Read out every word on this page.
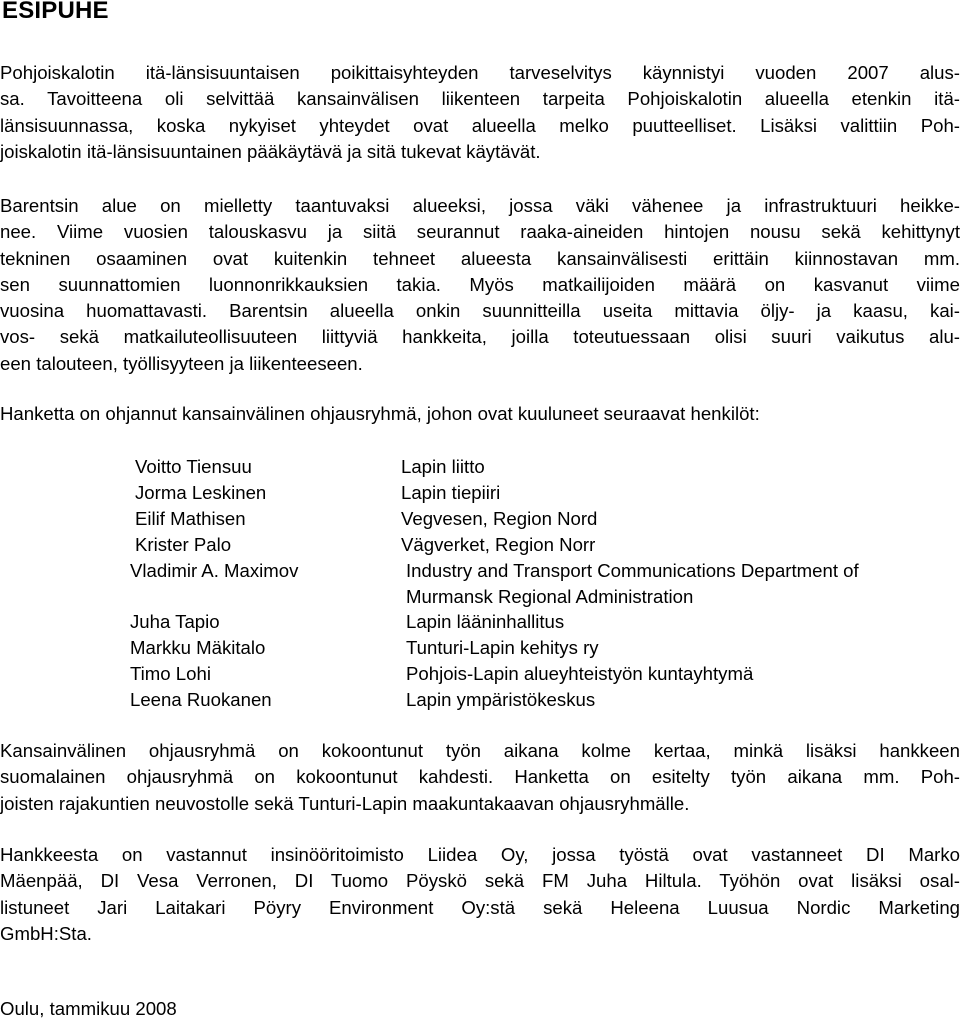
ESIPUHE

Pohjoiskalotin itä-länsisuuntaisen poikittaisyhteyden tarveselvitys käynnistyi vuoden 2007 alus-
sa. Tavoitteena oli selvittää kansainvälisen liikenteen tarpeita Pohjoiskalotin alueella etenkin itä-
länsisuunnassa, koska nykyiset yhteydet ovat alueella melko puutteelliset. Lisäksi valittiin Poh-
joiskalotin itä-länsisuuntainen pääkäytävä ja sitä tukevat käytävät.

Barentsin alue on mielletty taantuvaksi alueeksi, jossa väki vähenee ja infrastruktuuri heikke-
nee. Viime vuosien talouskasvu ja siitä seurannut raaka-aineiden hintojen nousu sekä kehittynyt
tekninen osaaminen ovat kuitenkin tehneet alueesta kansainvälisesti erittäin kiinnostavan mm.
sen suunnattomien luonnonrikkauksien takia. Myös matkailijoiden määrä on kasvanut viime
vuosina huomattavasti. Barentsin alueella onkin suunnitteilla useita mittavia öljy- ja kaasu, kai-
vos- sekä matkailuteollisuuteen liittyviä hankkeita, joilla toteutuessaan olisi suuri vaikutus alu-
een talouteen, työllisyyteen ja liikenteeseen.

Hanketta on ohjannut kansainvälinen ohjausryhmä, johon ovat kuuluneet seuraavat henkilöt:

Voitto Tiensuu	Lapin liitto
Jorma Leskinen	Lapin tiepiiri
Eilif Mathisen	Vegvesen, Region Nord
Krister Palo	Vägverket, Region Norr
Vladimir A. Maximov	Industry and Transport Communications Department of
Murmansk Regional Administration
Juha Tapio	Lapin lääninhallitus
Markku Mäkitalo	Tunturi-Lapin kehitys ry
Timo Lohi	Pohjois-Lapin alueyhteistyön kuntayhtymä
Leena Ruokanen	Lapin ympäristökeskus

Kansainvälinen ohjausryhmä on kokoontunut työn aikana kolme kertaa, minkä lisäksi hankkeen
suomalainen ohjausryhmä on kokoontunut kahdesti. Hanketta on esitelty työn aikana mm. Poh-
joisten rajakuntien neuvostolle sekä Tunturi-Lapin maakuntakaavan ohjausryhmälle.

Hankkeesta on vastannut insinööritoimisto Liidea Oy, jossa työstä ovat vastanneet DI Marko
Mäenpää, DI Vesa Verronen, DI Tuomo Pöyskö sekä FM Juha Hiltula. Työhön ovat lisäksi osal-
listuneet Jari Laitakari Pöyry Environment Oy:stä sekä Heleena Luusua Nordic Marketing
GmbH:Sta.

Oulu, tammikuu 2008
